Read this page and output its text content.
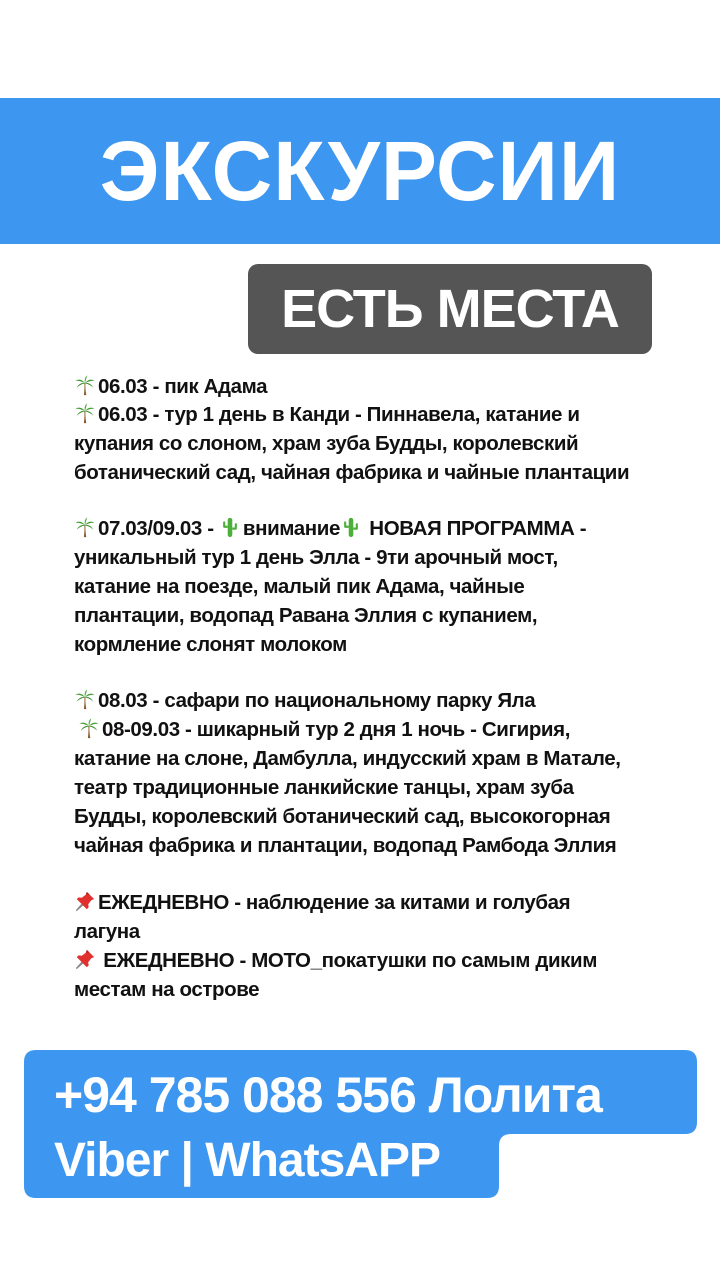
ЭКСКУРСИИ
ЕСТЬ МЕСТА
06.03 - пик Адама
06.03 - тур 1 день в Канди - Пиннавела, катание и
купания со слоном, храм зуба Будды, королевский
ботанический сад, чайная фабрика и чайные плантации
07.03/09.03 - внимание НОВАЯ ПРОГРАММА -
уникальный тур 1 день Элла - 9ти арочный мост,
катание на поезде, малый пик Адама, чайные
плантации, водопад Равана Эллия с купанием,
кормление слонят молоком
08.03 - сафари по национальному парку Яла
08-09.03 - шикарный тур 2 дня 1 ночь - Сигирия,
катание на слоне, Дамбулла, индусский храм в Матале,
театр традиционные ланкийские танцы, храм зуба
Будды, королевский ботанический сад, высокогорная
чайная фабрика и плантации, водопад Рамбода Эллия
ЕЖЕДНЕВНО - наблюдение за китами и голубая
лагуна
ЕЖЕДНЕВНО - МОТО_покатушки по самым диким
местам на острове
+94 785 088 556 Лолита
Viber | WhatsAPP
